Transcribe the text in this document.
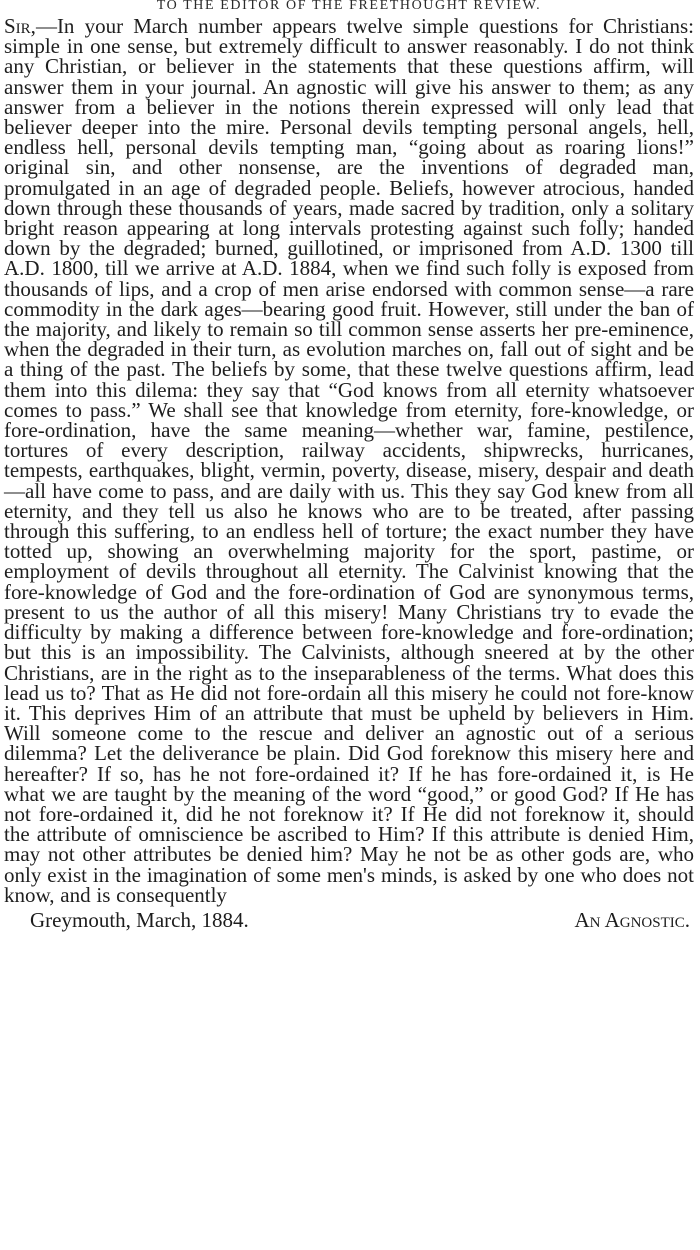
TO THE EDITOR OF THE FREETHOUGHT REVIEW.

Sir,—In your March number appears twelve simple questions for Christians: simple in one sense, but extremely difficult to answer reasonably. I do not think any Christian, or believer in the statements that these questions affirm, will answer them in your journal. An agnostic will give his answer to them; as any answer from a believer in the notions therein expressed will only lead that believer deeper into the mire. Personal devils tempting personal angels, hell, endless hell, personal devils tempting man, “going about as roaring lions!” original sin, and other nonsense, are the inventions of degraded man, promulgated in an age of degraded people. Beliefs, however atrocious, handed down through these thousands of years, made sacred by tradition, only a solitary bright reason appearing at long intervals protesting against such folly; handed down by the degraded; burned, guillotined, or imprisoned from A.D. 1300 till A.D. 1800, till we arrive at A.D. 1884, when we find such folly is exposed from thousands of lips, and a crop of men arise endorsed with common sense—a rare commodity in the dark ages—bearing good fruit. However, still under the ban of the majority, and likely to remain so till common sense asserts her pre-eminence, when the degraded in their turn, as evolution marches on, fall out of sight and be a thing of the past. The beliefs by some, that these twelve questions affirm, lead them into this dilema: they say that “God knows from all eternity whatsoever comes to pass.” We shall see that knowledge from eternity, fore-knowledge, or fore-ordination, have the same meaning—whether war, famine, pestilence, tortures of every description, railway accidents, shipwrecks, hurricanes, tempests, earthquakes, blight, vermin, poverty, disease, misery, despair and death—all have come to pass, and are daily with us. This they say God knew from all eternity, and they tell us also he knows who are to be treated, after passing through this suffering, to an endless hell of torture; the exact number they have totted up, showing an overwhelming majority for the sport, pastime, or employment of devils throughout all eternity. The Calvinist knowing that the fore-knowledge of God and the fore-ordination of God are synonymous terms, present to us the author of all this misery! Many Christians try to evade the difficulty by making a difference between fore-knowledge and fore-ordination; but this is an impossibility. The Calvinists, although sneered at by the other Christians, are in the right as to the inseparableness of the terms. What does this lead us to? That as He did not fore-ordain all this misery he could not fore-know it. This deprives Him of an attribute that must be upheld by believers in Him. Will someone come to the rescue and deliver an agnostic out of a serious dilemma? Let the deliverance be plain. Did God foreknow this misery here and hereafter? If so, has he not fore-ordained it? If he has fore-ordained it, is He what we are taught by the meaning of the word “good,” or good God? If He has not fore-ordained it, did he not foreknow it? If He did not foreknow it, should the attribute of omniscience be ascribed to Him? If this attribute is denied Him, may not other attributes be denied him? May he not be as other gods are, who only exist in the imagination of some men's minds, is asked by one who does not know, and is consequently

Greymouth, March, 1884.	An Agnostic.
